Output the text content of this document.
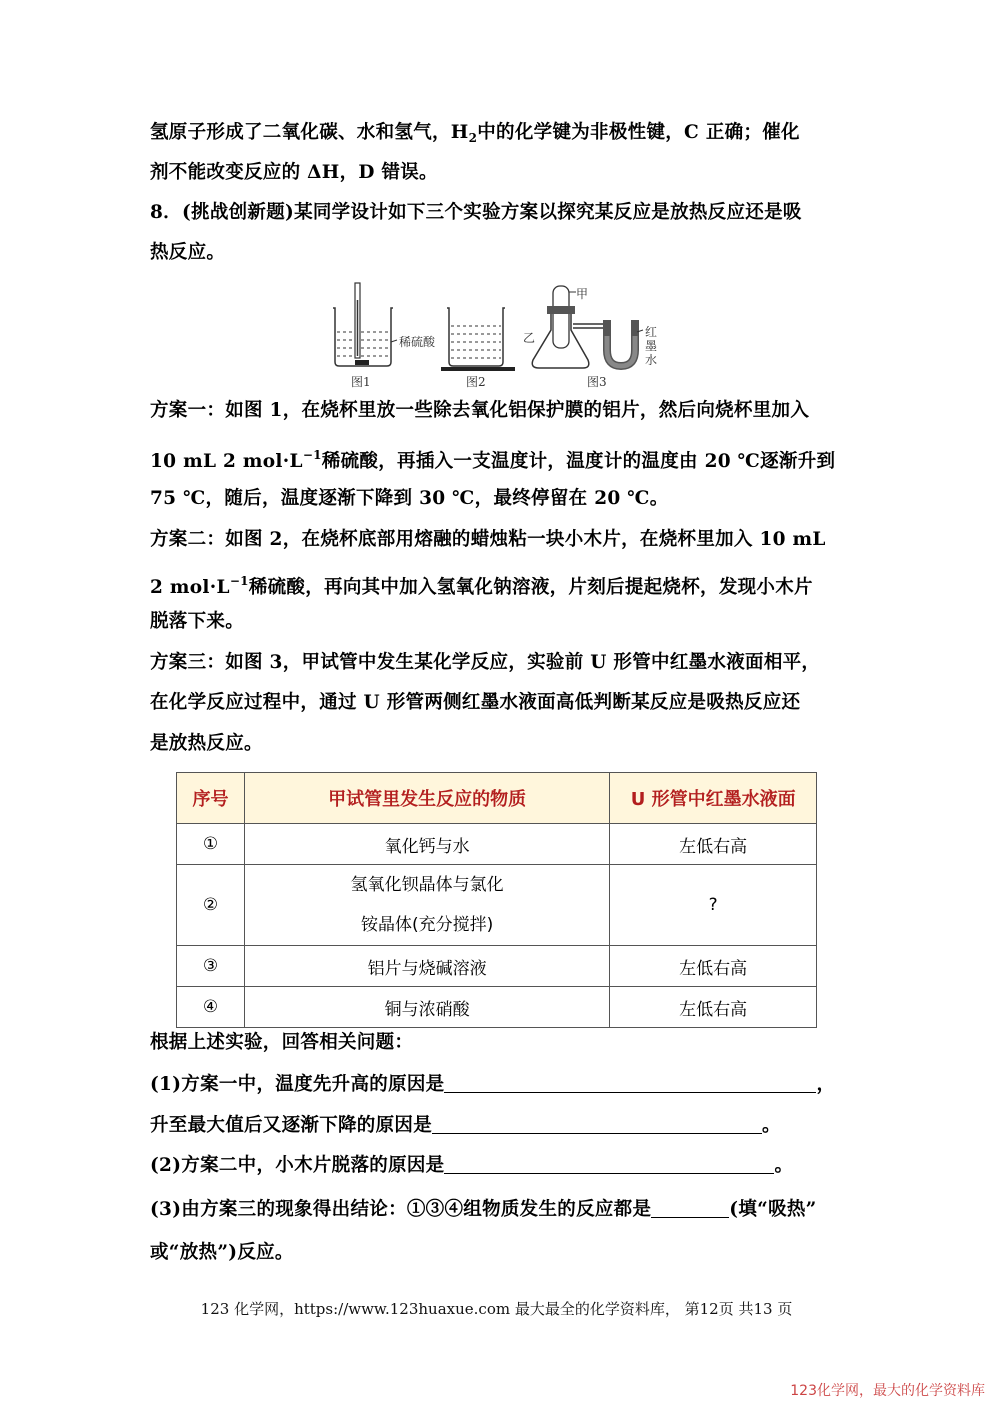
氢原子形成了二氧化碳、水和氢气，$H_2$中的化学键为非极性键，C 正确；催化
剂不能改变反应的 ΔH，D 错误。
8．(挑战创新题)某同学设计如下三个实验方案以探究某反应是放热反应还是吸
热反应。
稀硫酸
图1	图2
甲
乙	红
墨
水
图3
方案一：如图 1，在烧杯里放一些除去氧化铝保护膜的铝片，然后向烧杯里加入
10 mL 2 $mol\cdot L^{-1}$稀硫酸，再插入一支温度计，温度计的温度由 20 ℃逐渐升到
75 ℃，随后，温度逐渐下降到 30 ℃，最终停留在 20 ℃。
方案二：如图 2，在烧杯底部用熔融的蜡烛粘一块小木片，在烧杯里加入 10 mL
2 $mol\cdot L^{-1}$稀硫酸，再向其中加入氢氧化钠溶液，片刻后提起烧杯，发现小木片
脱落下来。
方案三：如图 3，甲试管中发生某化学反应，实验前 U 形管中红墨水液面相平，
在化学反应过程中，通过 U 形管两侧红墨水液面高低判断某反应是吸热反应还
是放热反应。
序号	甲试管里发生反应的物质	U 形管中红墨水液面
①	氧化钙与水	左低右高
②	氢氧化钡晶体与氯化
铵晶体(充分搅拌)	?
③	铝片与烧碱溶液	左低右高
④	铜与浓硝酸	左低右高
根据上述实验，回答相关问题：
(1)方案一中，温度先升高的原因是	，
升至最大值后又逐渐下降的原因是	。
(2)方案二中，小木片脱落的原因是	。
(3)由方案三的现象得出结论：①③④组物质发生的反应都是	(填“吸热”
或“放热”)反应。
123 化学网，https://www.123huaxue.com 最大最全的化学资料库， 第12页 共13 页
123化学网，最大的化学资料库
